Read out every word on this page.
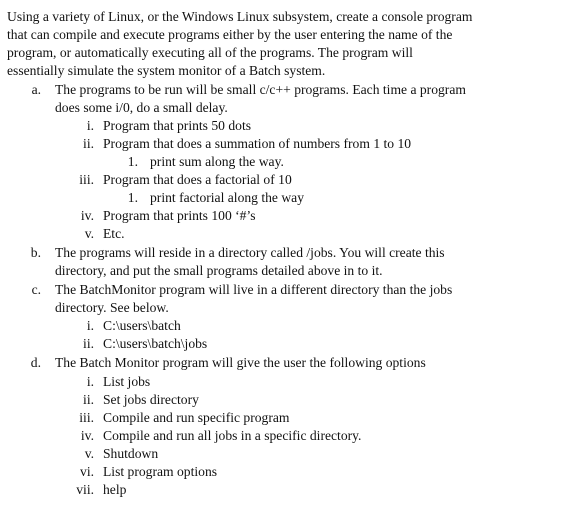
Using a variety of Linux, or the Windows Linux subsystem, create a console program
that can compile and execute programs either by the user entering the name of the
program, or automatically executing all of the programs. The program will
essentially simulate the system monitor of a Batch system.
a. The programs to be run will be small c/c++ programs. Each time a program
does some i/0, do a small delay.
i. Program that prints 50 dots
ii. Program that does a summation of numbers from 1 to 10
1. print sum along the way.
iii. Program that does a factorial of 10
1. print factorial along the way
iv. Program that prints 100 ‘#’s
v. Etc.
b. The programs will reside in a directory called /jobs. You will create this
directory, and put the small programs detailed above in to it.
c. The BatchMonitor program will live in a different directory than the jobs
directory. See below.
i. C:\users\batch
ii. C:\users\batch\jobs
d. The Batch Monitor program will give the user the following options
i. List jobs
ii. Set jobs directory
iii. Compile and run specific program
iv. Compile and run all jobs in a specific directory.
v. Shutdown
vi. List program options
vii. help
